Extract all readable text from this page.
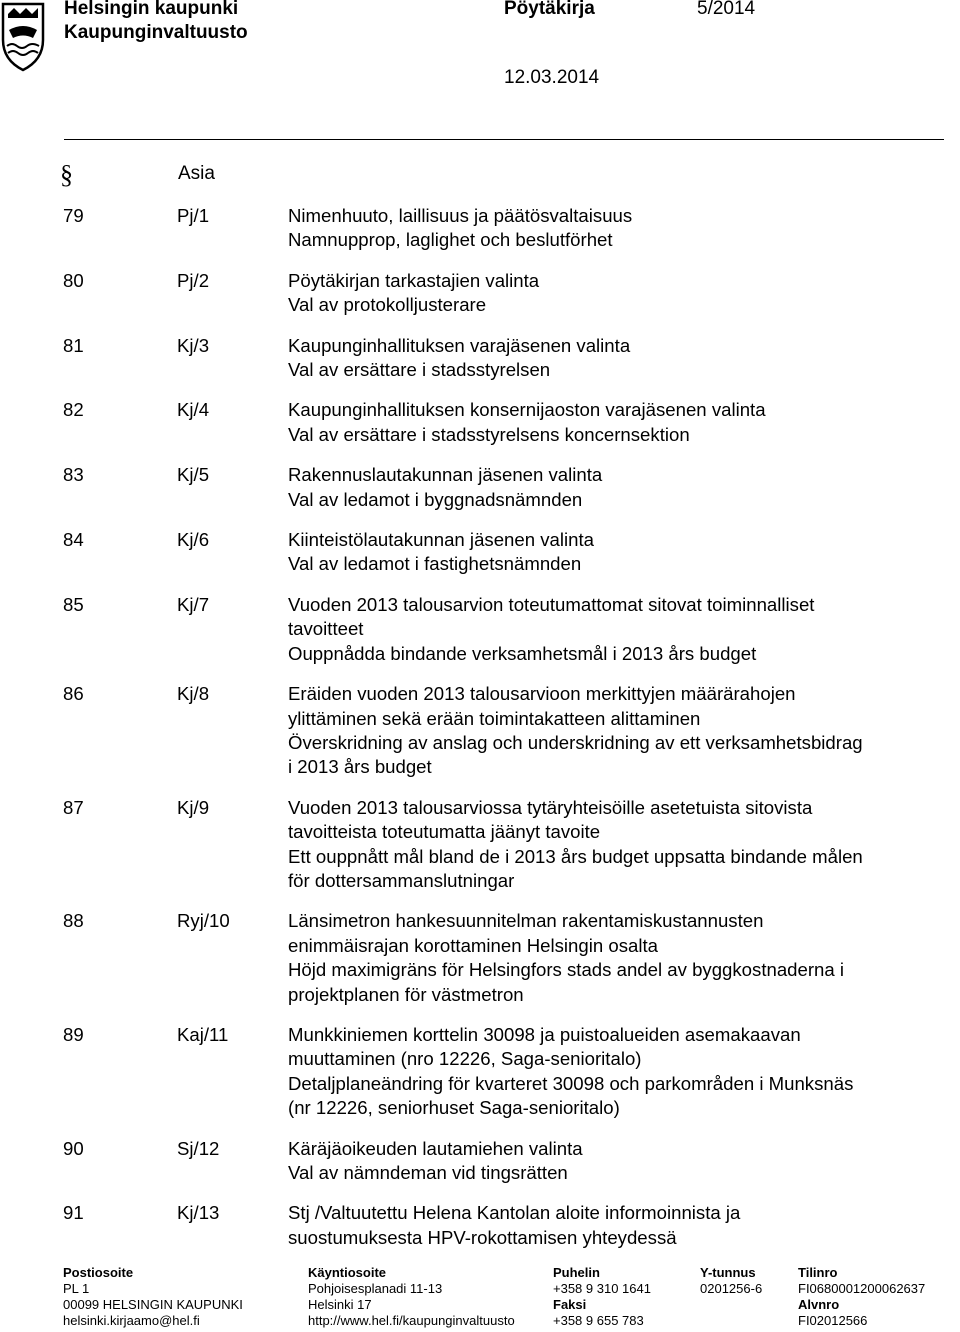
Helsingin kaupunki
Kaupunginvaltuusto
Pöytäkirja	5/2014
12.03.2014
§	Asia
79	Pj/1	Nimenhuuto, laillisuus ja päätösvaltaisuus
Namnupprop, laglighet och beslutförhet
80	Pj/2	Pöytäkirjan tarkastajien valinta
Val av protokolljusterare
81	Kj/3	Kaupunginhallituksen varajäsenen valinta
Val av ersättare i stadsstyrelsen
82	Kj/4	Kaupunginhallituksen konsernijaoston varajäsenen valinta
Val av ersättare i stadsstyrelsens koncernsektion
83	Kj/5	Rakennuslautakunnan jäsenen valinta
Val av ledamot i byggnadsnämnden
84	Kj/6	Kiinteistölautakunnan jäsenen valinta
Val av ledamot i fastighetsnämnden
85	Kj/7	Vuoden 2013 talousarvion toteutumattomat sitovat toiminnalliset
tavoitteet
Ouppnådda bindande verksamhetsmål i 2013 års budget
86	Kj/8	Eräiden vuoden 2013 talousarvioon merkittyjen määrärahojen
ylittäminen sekä erään toimintakatteen alittaminen
Överskridning av anslag och underskridning av ett verksamhetsbidrag
i 2013 års budget
87	Kj/9	Vuoden 2013 talousarviossa tytäryhteisöille asetetuista sitovista
tavoitteista toteutumatta jäänyt tavoite
Ett ouppnått mål bland de i 2013 års budget uppsatta bindande målen
för dottersammanslutningar
88	Ryj/10	Länsimetron hankesuunnitelman rakentamiskustannusten
enimmäisrajan korottaminen Helsingin osalta
Höjd maximigräns för Helsingfors stads andel av byggkostnaderna i
projektplanen för västmetron
89	Kaj/11	Munkkiniemen korttelin 30098 ja puistoalueiden asemakaavan
muuttaminen (nro 12226, Saga-senioritalo)
Detaljplaneändring för kvarteret 30098 och parkområden i Munksnäs
(nr 12226, seniorhuset Saga-senioritalo)
90	Sj/12	Käräjäoikeuden lautamiehen valinta
Val av nämndeman vid tingsrätten
91	Kj/13	Stj /Valtuutettu Helena Kantolan aloite informoinnista ja
suostumuksesta HPV-rokottamisen yhteydessä
Postiosoite
PL 1
00099 HELSINGIN KAUPUNKI
helsinki.kirjaamo@hel.fi
Käyntiosoite
Pohjoisesplanadi 11-13
Helsinki 17
http://www.hel.fi/kaupunginvaltuusto
Puhelin
+358 9 310 1641
Faksi
+358 9 655 783
Y-tunnus
0201256-6
Tilinro
FI0680001200062637
Alvnro
FI02012566
